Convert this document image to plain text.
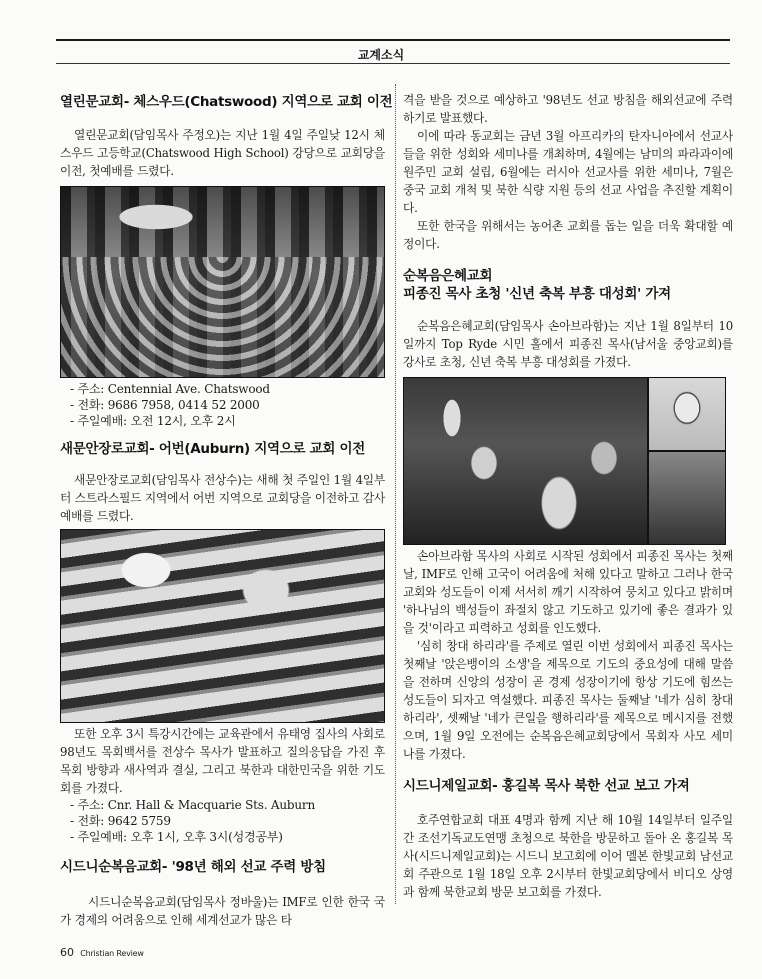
교계소식
열린문교회- 체스우드(Chatswood) 지역으로 교회 이전

열린문교회(담임목사 주정오)는 지난 1월 4일 주일낮 12시 체스우드 고등학교(Chatswood High School) 강당으로 교회당을 이전, 첫예배를 드렸다.

- 주소: Centennial Ave. Chatswood
- 전화: 9686 7958, 0414 52 2000
- 주일예배: 오전 12시, 오후 2시
새문안장로교회- 어번(Auburn) 지역으로 교회 이전

새문안장로교회(담임목사 전상수)는 새해 첫 주일인 1월 4일부터 스트라스필드 지역에서 어번 지역으로 교회당을 이전하고 감사예배를 드렸다.

또한 오후 3시 특강시간에는 교육관에서 유태영 집사의 사회로 98년도 목회백서를 전상수 목사가 발표하고 질의응답을 가진 후 목회 방향과 새사역과 결실, 그리고 북한과 대한민국을 위한 기도회를 가졌다.

- 주소: Cnr. Hall & Macquarie Sts. Auburn
- 전화: 9642 5759
- 주일예배: 오후 1시, 오후 3시(성경공부)
시드니순복음교회- '98년 해외 선교 주력 방침

시드니순복음교회(담임목사 정바울)는 IMF로 인한 한국 국가 경제의 어려움으로 인해 세계선교가 많은 타

격을 받을 것으로 예상하고 '98년도 선교 방침을 해외선교에 주력하기로 발표했다.

이에 따라 동교회는 금년 3월 아프리카의 탄자니아에서 선교사들을 위한 성회와 세미나를 개최하며, 4월에는 남미의 파라과이에 원주민 교회 설립, 6월에는 러시아 선교사를 위한 세미나, 7월은 중국 교회 개척 및 북한 식량 지원 등의 선교 사업을 추진할 계획이다.

또한 한국을 위해서는 농어촌 교회를 돕는 일을 더욱 확대할 예정이다.

순복음은혜교회
피종진 목사 초청 '신년 축복 부흥 대성회' 가져

순복음은혜교회(담임목사 손아브라함)는 지난 1월 8일부터 10일까지 Top Ryde 시민 홀에서 피종진 목사(남서울 중앙교회)를 강사로 초청, 신년 축복 부흥 대성회를 가졌다.

손아브라함 목사의 사회로 시작된 성회에서 피종진 목사는 첫째날, IMF로 인해 고국이 어려움에 처해 있다고 말하고 그러나 한국교회와 성도들이 이제 서서히 깨기 시작하여 뭉치고 있다고 밝히며 '하나님의 백성들이 좌절치 않고 기도하고 있기에 좋은 결과가 있을 것'이라고 피력하고 성회를 인도했다.

'심히 창대 하리라'를 주제로 열린 이번 성회에서 피종진 목사는 첫째날 '앉은뱅이의 소생'을 제목으로 기도의 중요성에 대해 말씀을 전하며 신앙의 성장이 곧 경제 성장이기에 항상 기도에 힘쓰는 성도들이 되자고 역설했다. 피종진 목사는 둘째날 '네가 심히 창대하리라', 셋째날 '네가 큰일을 행하리라'를 제목으로 메시지를 전했으며, 1월 9일 오전에는 순복음은혜교회당에서 목회자 사모 세미나를 가졌다.

시드니제일교회- 홍길복 목사 북한 선교 보고 가져

호주연합교회 대표 4명과 함께 지난 해 10월 14일부터 일주일간 조선기독교도연맹 초청으로 북한을 방문하고 돌아 온 홍길복 목사(시드니제일교회)는 시드니 보고회에 이어 멜본 한빛교회 남선교회 주관으로 1월 18일 오후 2시부터 한빛교회당에서 비디오 상영과 함께 북한교회 방문 보고회를 가졌다.

60 Christian Review
